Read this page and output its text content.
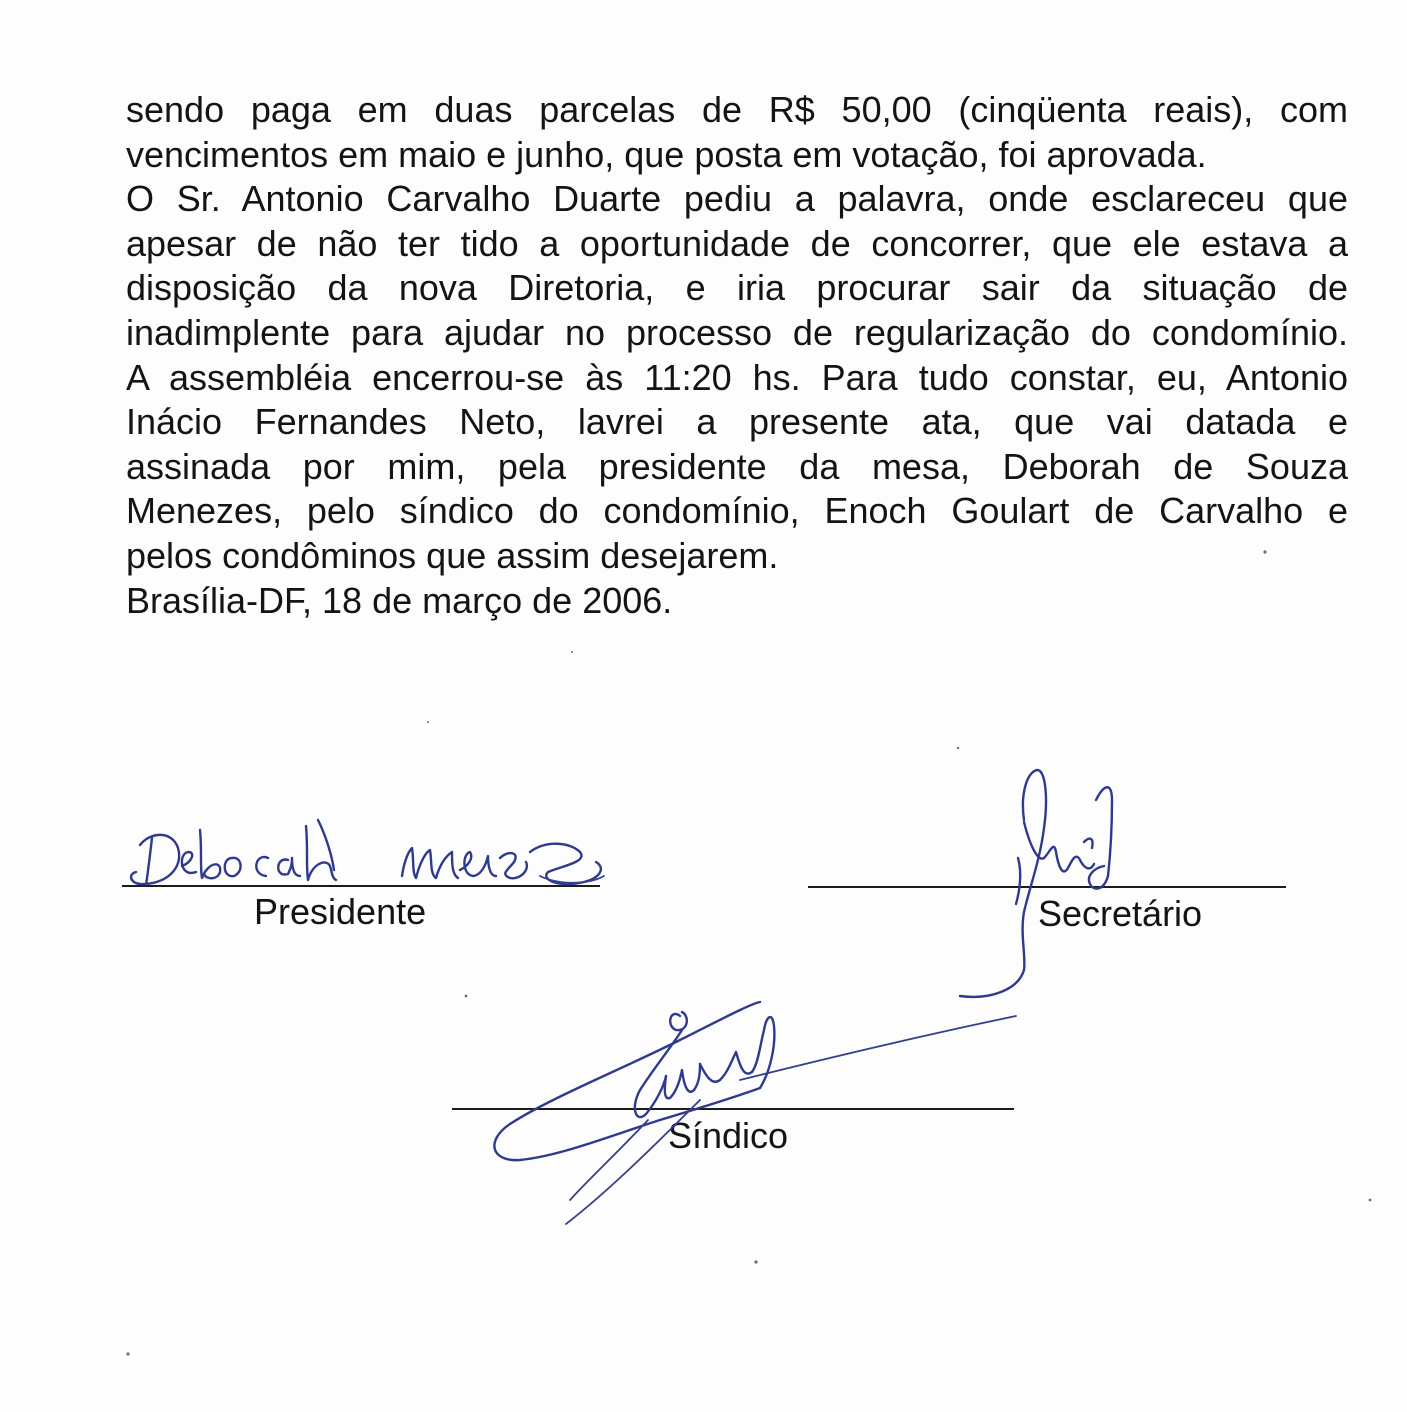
sendo paga em duas parcelas de R$ 50,00 (cinqüenta reais), com
vencimentos em maio e junho, que posta em votação, foi aprovada.
O Sr. Antonio Carvalho Duarte pediu a palavra, onde esclareceu que
apesar de não ter tido a oportunidade de concorrer, que ele estava a
disposição da nova Diretoria, e iria procurar sair da situação de
inadimplente para ajudar no processo de regularização do condomínio.
A assembléia encerrou-se às 11:20 hs. Para tudo constar, eu, Antonio
Inácio Fernandes Neto, lavrei a presente ata, que vai datada e
assinada por mim, pela presidente da mesa, Deborah de Souza
Menezes, pelo síndico do condomínio, Enoch Goulart de Carvalho e
pelos condôminos que assim desejarem.
Brasília-DF, 18 de março de 2006.
Presidente	Secretário
Síndico
